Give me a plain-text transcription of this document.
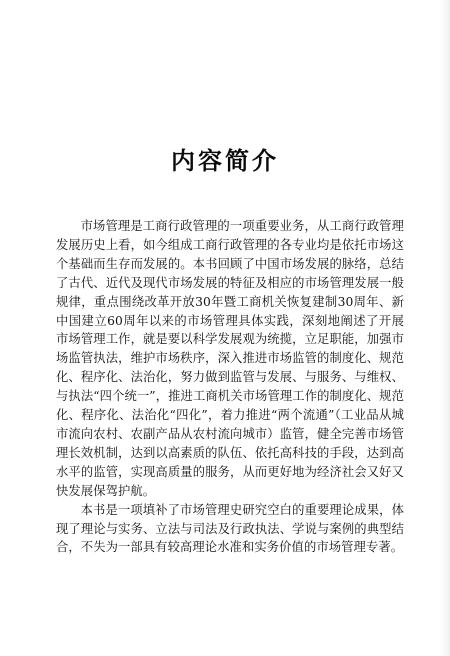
内容简介

市场管理是工商行政管理的一项重要业务，从工商行政管理发展历史上看，如今组成工商行政管理的各专业均是依托市场这个基础而生存而发展的。本书回顾了中国市场发展的脉络，总结了古代、近代及现代市场发展的特征及相应的市场管理发展一般规律，重点围绕改革开放30年暨工商机关恢复建制30周年、新中国建立60周年以来的市场管理具体实践，深刻地阐述了开展市场管理工作，就是要以科学发展观为统揽，立足职能，加强市场监管执法，维护市场秩序，深入推进市场监管的制度化、规范化、程序化、法治化，努力做到监管与发展、与服务、与维权、与执法“四个统一”，推进工商机关市场管理工作的制度化、规范化、程序化、法治化“四化”，着力推进“两个流通”（工业品从城市流向农村、农副产品从农村流向城市）监管，健全完善市场管理长效机制，达到以高素质的队伍、依托高科技的手段，达到高水平的监管，实现高质量的服务，从而更好地为经济社会又好又快发展保驾护航。

本书是一项填补了市场管理史研究空白的重要理论成果，体现了理论与实务、立法与司法及行政执法、学说与案例的典型结合，不失为一部具有较高理论水准和实务价值的市场管理专著。
